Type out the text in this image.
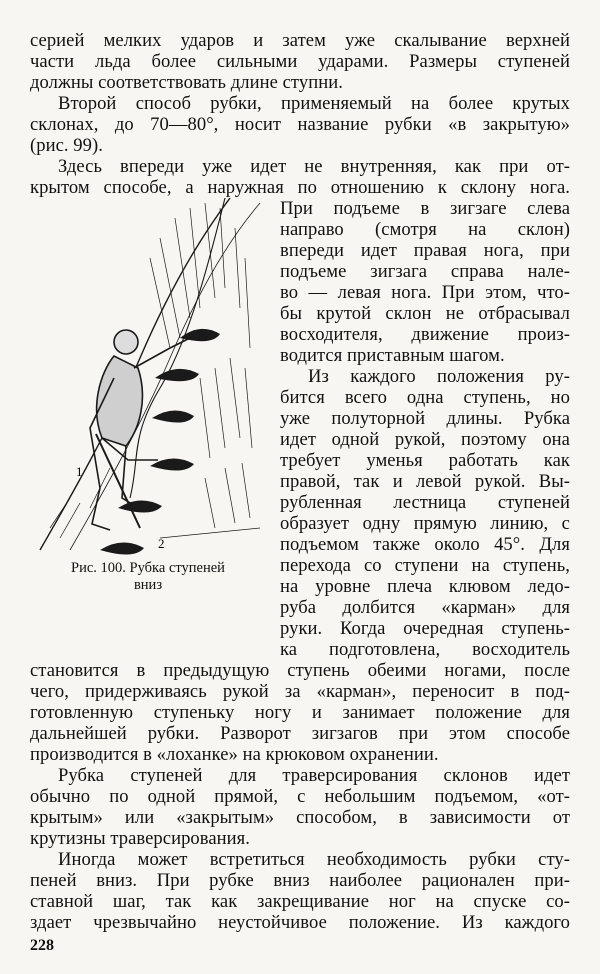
серией мелких ударов и затем уже скалывание верхней
части льда более сильными ударами. Размеры ступеней
должны соответствовать длине ступни.
Второй способ рубки, применяемый на более крутых
склонах, до 70—80°, носит название рубки «в закрытую»
(рис. 99).
Здесь впереди уже идет не внутренняя, как при от-
крытом способе, а наружная по отношению к склону нога.
1
2
Рис. 100. Рубка ступеней
вниз
При подъеме в зигзаге слева
направо (смотря на склон)
впереди идет правая нога, при
подъеме зигзага справа нале-
во — левая нога. При этом, что-
бы крутой склон не отбрасывал
восходителя, движение произ-
водится приставным шагом.
Из каждого положения ру-
бится всего одна ступень, но
уже полуторной длины. Рубка
идет одной рукой, поэтому она
требует уменья работать как
правой, так и левой рукой. Вы-
рубленная лестница ступеней
образует одну прямую линию, с
подъемом также около 45°. Для
перехода со ступени на ступень,
на уровне плеча клювом ледо-
руба долбится «карман» для
руки. Когда очередная ступень-
ка подготовлена, восходитель
становится в предыдущую ступень обеими ногами, после
чего, придерживаясь рукой за «карман», переносит в под-
готовленную ступеньку ногу и занимает положение для
дальнейшей рубки. Разворот зигзагов при этом способе
производится в «лоханке» на крюковом охранении.
Рубка ступеней для траверсирования склонов идет
обычно по одной прямой, с небольшим подъемом, «от-
крытым» или «закрытым» способом, в зависимости от
крутизны траверсирования.
Иногда может встретиться необходимость рубки сту-
пеней вниз. При рубке вниз наиболее рационален при-
ставной шаг, так как закрещивание ног на спуске со-
здает чрезвычайно неустойчивое положение. Из каждого
228
